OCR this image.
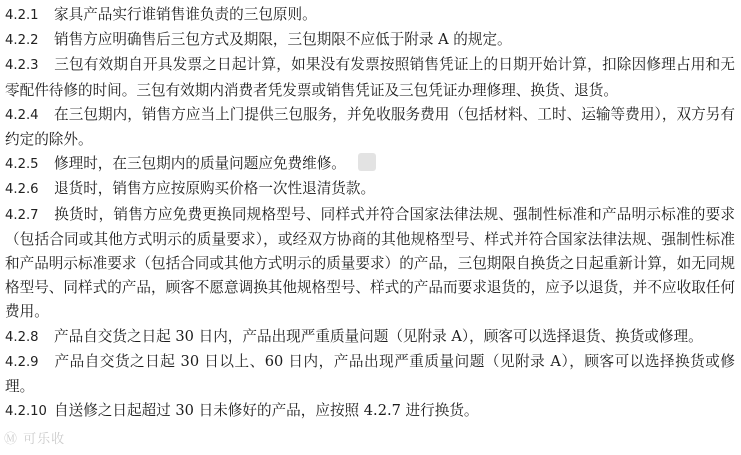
4.2.1 家具产品实行谁销售谁负责的三包原则。

4.2.2 销售方应明确售后三包方式及期限，三包期限不应低于附录 A 的规定。

4.2.3 三包有效期自开具发票之日起计算，如果没有发票按照销售凭证上的日期开始计算，扣除因修理占用和无零配件待修的时间。三包有效期内消费者凭发票或销售凭证及三包凭证办理修理、换货、退货。

4.2.4 在三包期内，销售方应当上门提供三包服务，并免收服务费用（包括材料、工时、运输等费用），双方另有约定的除外。

4.2.5 修理时，在三包期内的质量问题应免费维修。

4.2.6 退货时，销售方应按原购买价格一次性退清货款。

4.2.7 换货时，销售方应免费更换同规格型号、同样式并符合国家法律法规、强制性标准和产品明示标准的要求（包括合同或其他方式明示的质量要求），或经双方协商的其他规格型号、样式并符合国家法律法规、强制性标准和产品明示标准要求（包括合同或其他方式明示的质量要求）的产品，三包期限自换货之日起重新计算，如无同规格型号、同样式的产品，顾客不愿意调换其他规格型号、样式的产品而要求退货的，应予以退货，并不应收取任何费用。

4.2.8 产品自交货之日起 30 日内，产品出现严重质量问题（见附录 A），顾客可以选择退货、换货或修理。

4.2.9 产品自交货之日起 30 日以上、60 日内，产品出现严重质量问题（见附录 A），顾客可以选择换货或修理。

4.2.10 自送修之日起超过 30 日未修好的产品，应按照 4.2.7 进行换货。

Ⓜ 可乐收
